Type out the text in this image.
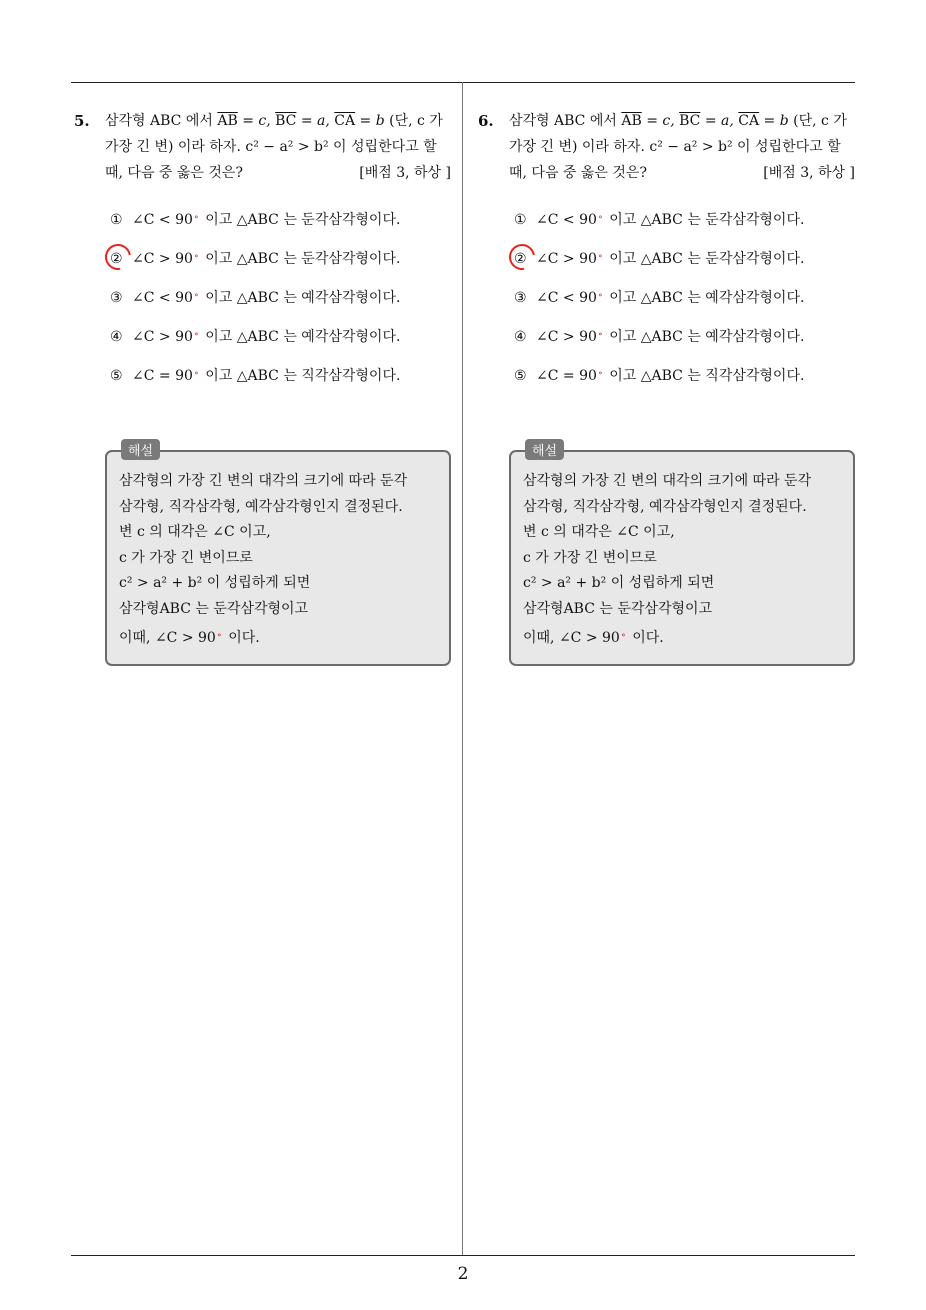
5. 삼각형 ABC 에서 $\overline{AB} = c$, $\overline{BC} = a$, $\overline{CA} = b$ (단, c 가
가장 긴 변) 이라 하자. c² − a² > b² 이 성립한다고 할
때, 다음 중 옳은 것은?	[배점 3, 하상 ]
① ∠C < 90∘ 이고 △ABC 는 둔각삼각형이다.
② ∠C > 90∘ 이고 △ABC 는 둔각삼각형이다.
③ ∠C < 90∘ 이고 △ABC 는 예각삼각형이다.
④ ∠C > 90∘ 이고 △ABC 는 예각삼각형이다.
⑤ ∠C = 90∘ 이고 △ABC 는 직각삼각형이다.
해설
삼각형의 가장 긴 변의 대각의 크기에 따라 둔각
삼각형, 직각삼각형, 예각삼각형인지 결정된다.
변 c 의 대각은 ∠C 이고,
c 가 가장 긴 변이므로
c² > a² + b² 이 성립하게 되면
삼각형ABC 는 둔각삼각형이고
이때, ∠C > 90∘ 이다.
6. 삼각형 ABC 에서 $\overline{AB} = c$, $\overline{BC} = a$, $\overline{CA} = b$ (단, c 가
가장 긴 변) 이라 하자. c² − a² > b² 이 성립한다고 할
때, 다음 중 옳은 것은?	[배점 3, 하상 ]
① ∠C < 90∘ 이고 △ABC 는 둔각삼각형이다.
② ∠C > 90∘ 이고 △ABC 는 둔각삼각형이다.
③ ∠C < 90∘ 이고 △ABC 는 예각삼각형이다.
④ ∠C > 90∘ 이고 △ABC 는 예각삼각형이다.
⑤ ∠C = 90∘ 이고 △ABC 는 직각삼각형이다.
해설
삼각형의 가장 긴 변의 대각의 크기에 따라 둔각
삼각형, 직각삼각형, 예각삼각형인지 결정된다.
변 c 의 대각은 ∠C 이고,
c 가 가장 긴 변이므로
c² > a² + b² 이 성립하게 되면
삼각형ABC 는 둔각삼각형이고
이때, ∠C > 90∘ 이다.
2
